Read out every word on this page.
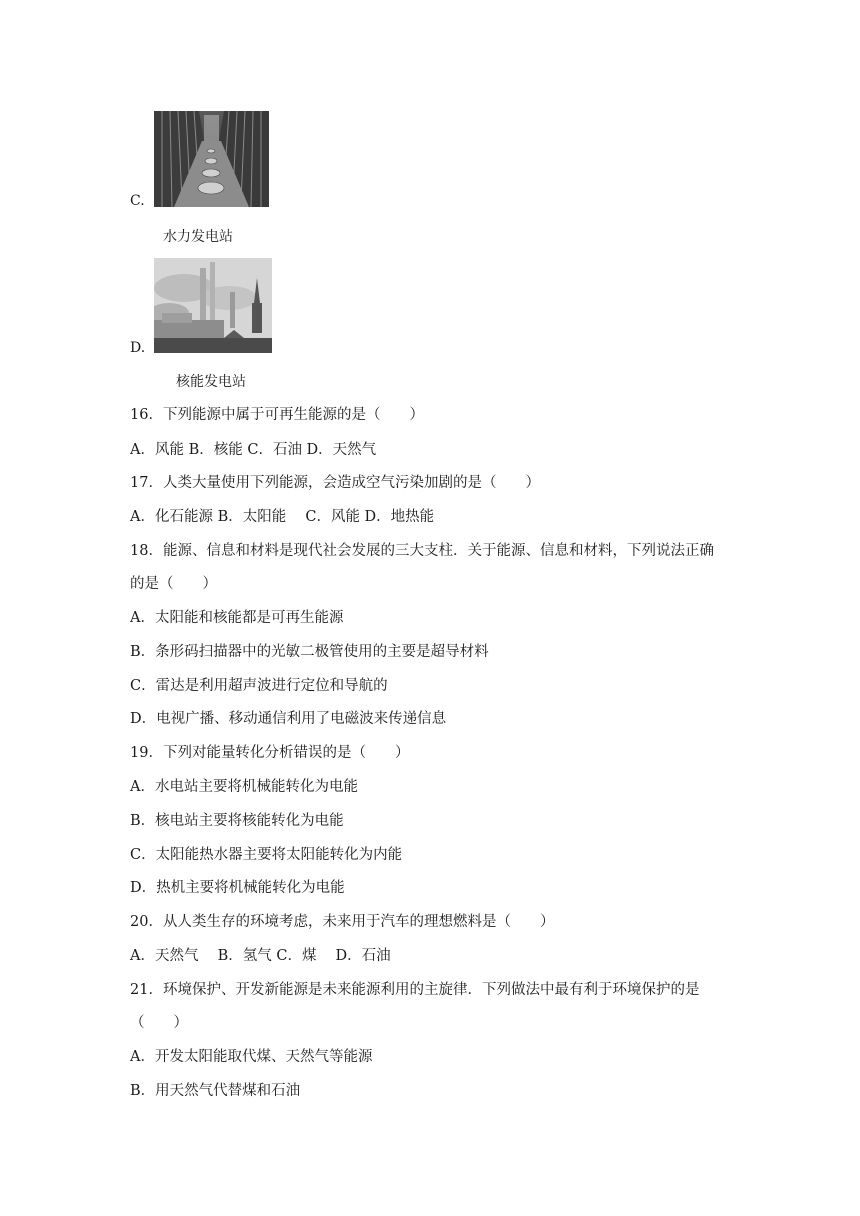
C.
水力发电站
D.
核能发电站
16．下列能源中属于可再生能源的是（　　）
A．风能 B．核能 C．石油 D．天然气
17．人类大量使用下列能源，会造成空气污染加剧的是（　　）
A．化石能源 B．太阳能　 C．风能 D．地热能
18．能源、信息和材料是现代社会发展的三大支柱．关于能源、信息和材料，下列说法正确
的是（　　）
A．太阳能和核能都是可再生能源
B．条形码扫描器中的光敏二极管使用的主要是超导材料
C．雷达是利用超声波进行定位和导航的
D．电视广播、移动通信利用了电磁波来传递信息
19．下列对能量转化分析错误的是（　　）
A．水电站主要将机械能转化为电能
B．核电站主要将核能转化为电能
C．太阳能热水器主要将太阳能转化为内能
D．热机主要将机械能转化为电能
20．从人类生存的环境考虑，未来用于汽车的理想燃料是（　　）
A．天然气　 B．氢气 C．煤　 D．石油
21．环境保护、开发新能源是未来能源利用的主旋律．下列做法中最有利于环境保护的是
（　　）
A．开发太阳能取代煤、天然气等能源
B．用天然气代替煤和石油
